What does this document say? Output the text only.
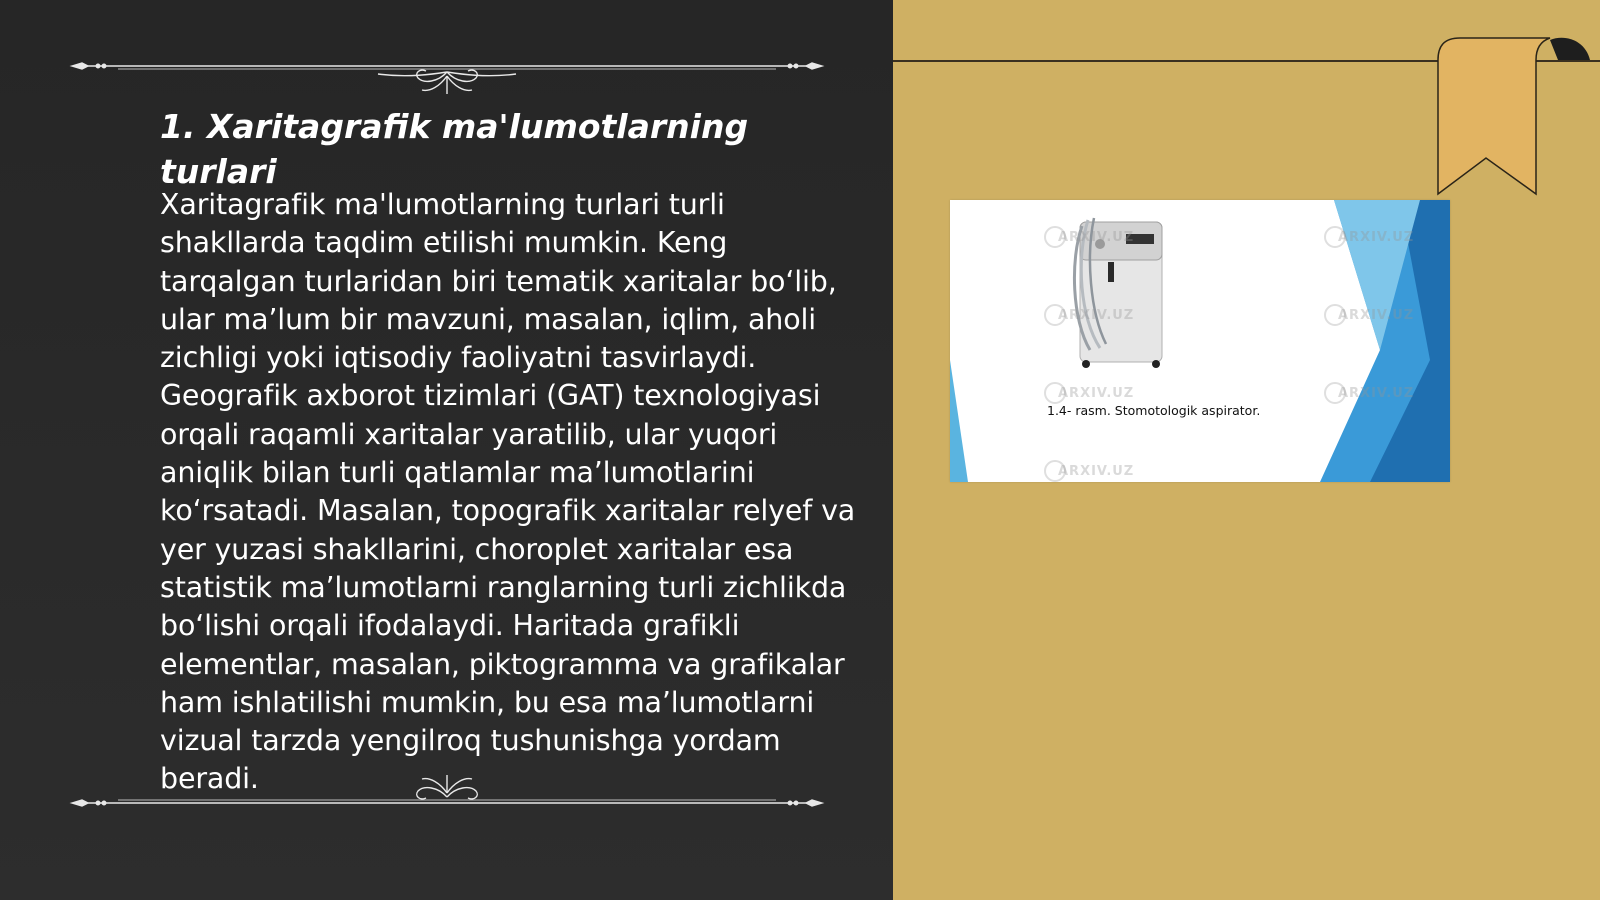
1. Xaritagrafik ma'lumotlarning turlari

Xaritagrafik ma'lumotlarning turlari turli shakllarda taqdim etilishi mumkin. Keng tarqalgan turlaridan biri tematik xaritalar bo‘lib, ular ma’lum bir mavzuni, masalan, iqlim, aholi zichligi yoki iqtisodiy faoliyatni tasvirlaydi. Geografik axborot tizimlari (GAT) texnologiyasi orqali raqamli xaritalar yaratilib, ular yuqori aniqlik bilan turli qatlamlar ma’lumotlarini ko‘rsatadi. Masalan, topografik xaritalar relyef va yer yuzasi shakllarini, choroplet xaritalar esa statistik ma’lumotlarni ranglarning turli zichlikda bo‘lishi orqali ifodalaydi. Haritada grafikli elementlar, masalan, piktogramma va grafikalar ham ishlatilishi mumkin, bu esa ma’lumotlarni vizual tarzda yengilroq tushunishga yordam beradi.

ARXIV.UZ
ARXIV.UZ
ARXIV.UZ
ARXIV.UZ
ARXIV.UZ
ARXIV.UZ
ARXIV.UZ
1.4- rasm. Stomotologik aspirator.
